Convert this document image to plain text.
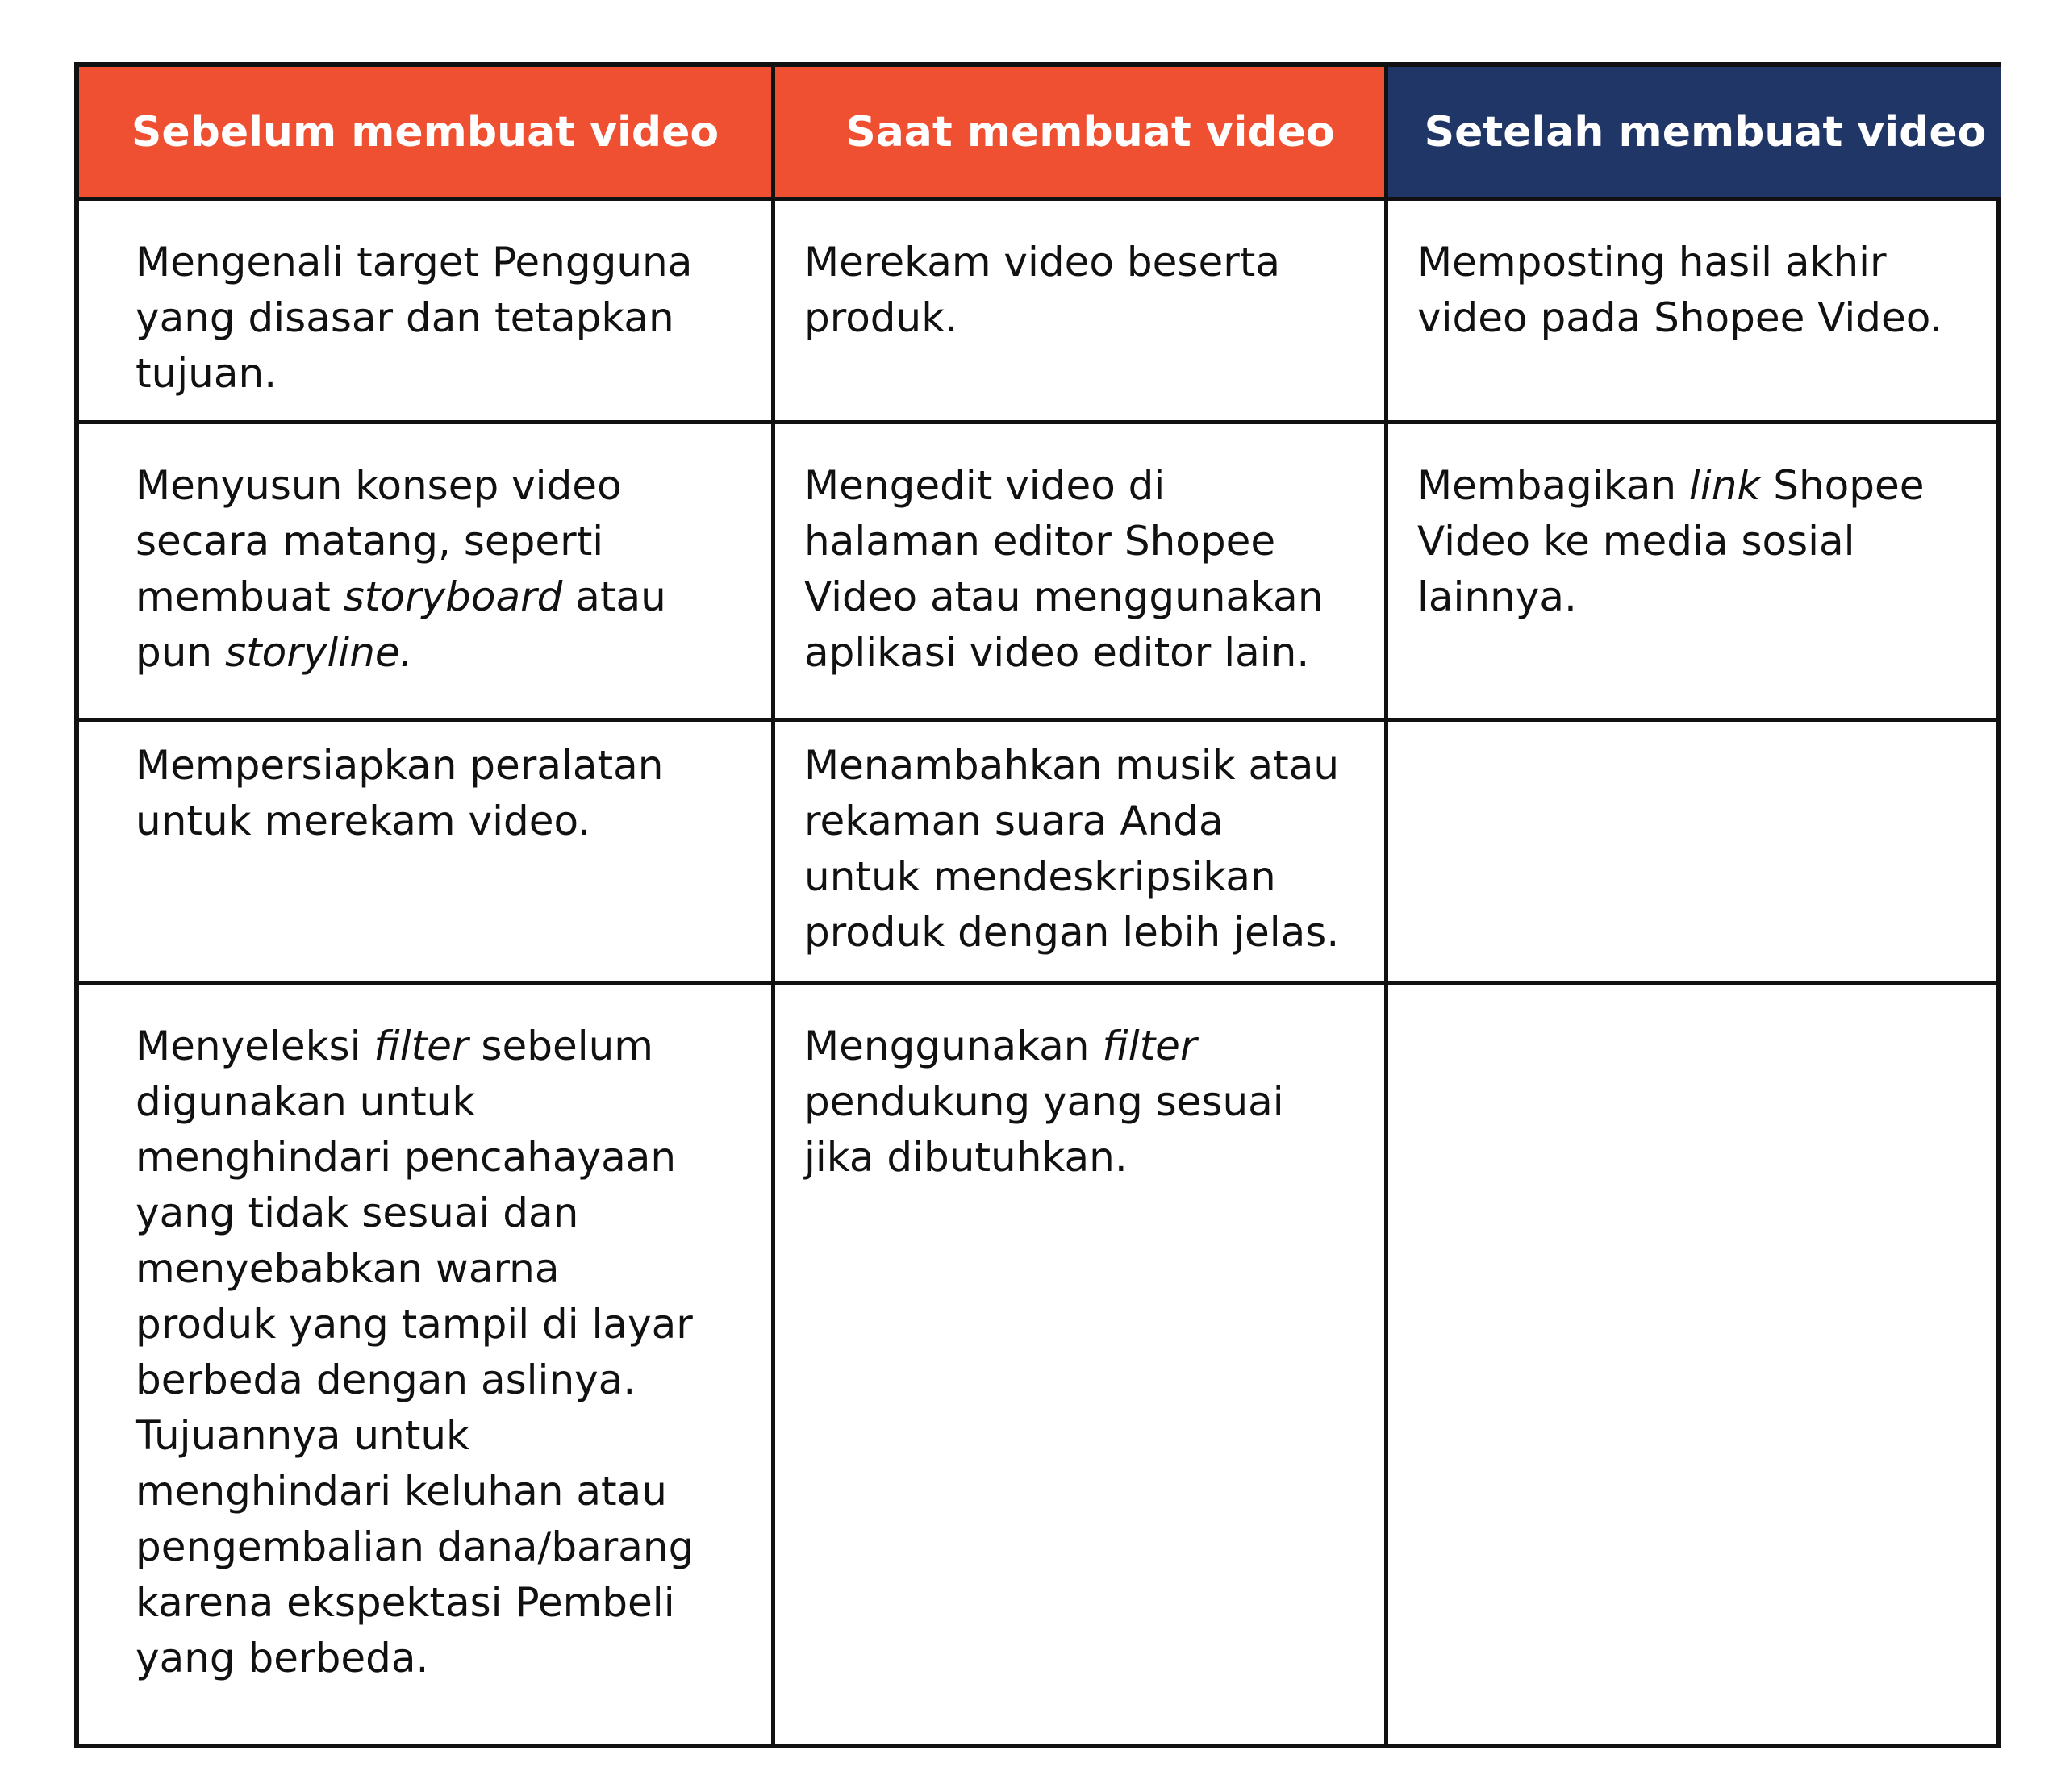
Sebelum membuat video	Saat membuat video	Setelah membuat video
Mengenali target Pengguna
yang disasar dan tetapkan
tujuan.
Merekam video beserta
produk.
Memposting hasil akhir
video pada Shopee Video.
Menyusun konsep video
secara matang, seperti
membuat storyboard atau
pun storyline.
Mengedit video di
halaman editor Shopee
Video atau menggunakan
aplikasi video editor lain.
Membagikan link Shopee
Video ke media sosial
lainnya.
Mempersiapkan peralatan
untuk merekam video.
Menambahkan musik atau
rekaman suara Anda
untuk mendeskripsikan
produk dengan lebih jelas.
Menyeleksi filter sebelum
digunakan untuk
menghindari pencahayaan
yang tidak sesuai dan
menyebabkan warna
produk yang tampil di layar
berbeda dengan aslinya.
Tujuannya untuk
menghindari keluhan atau
pengembalian dana/barang
karena ekspektasi Pembeli
yang berbeda.
Menggunakan filter
pendukung yang sesuai
jika dibutuhkan.
